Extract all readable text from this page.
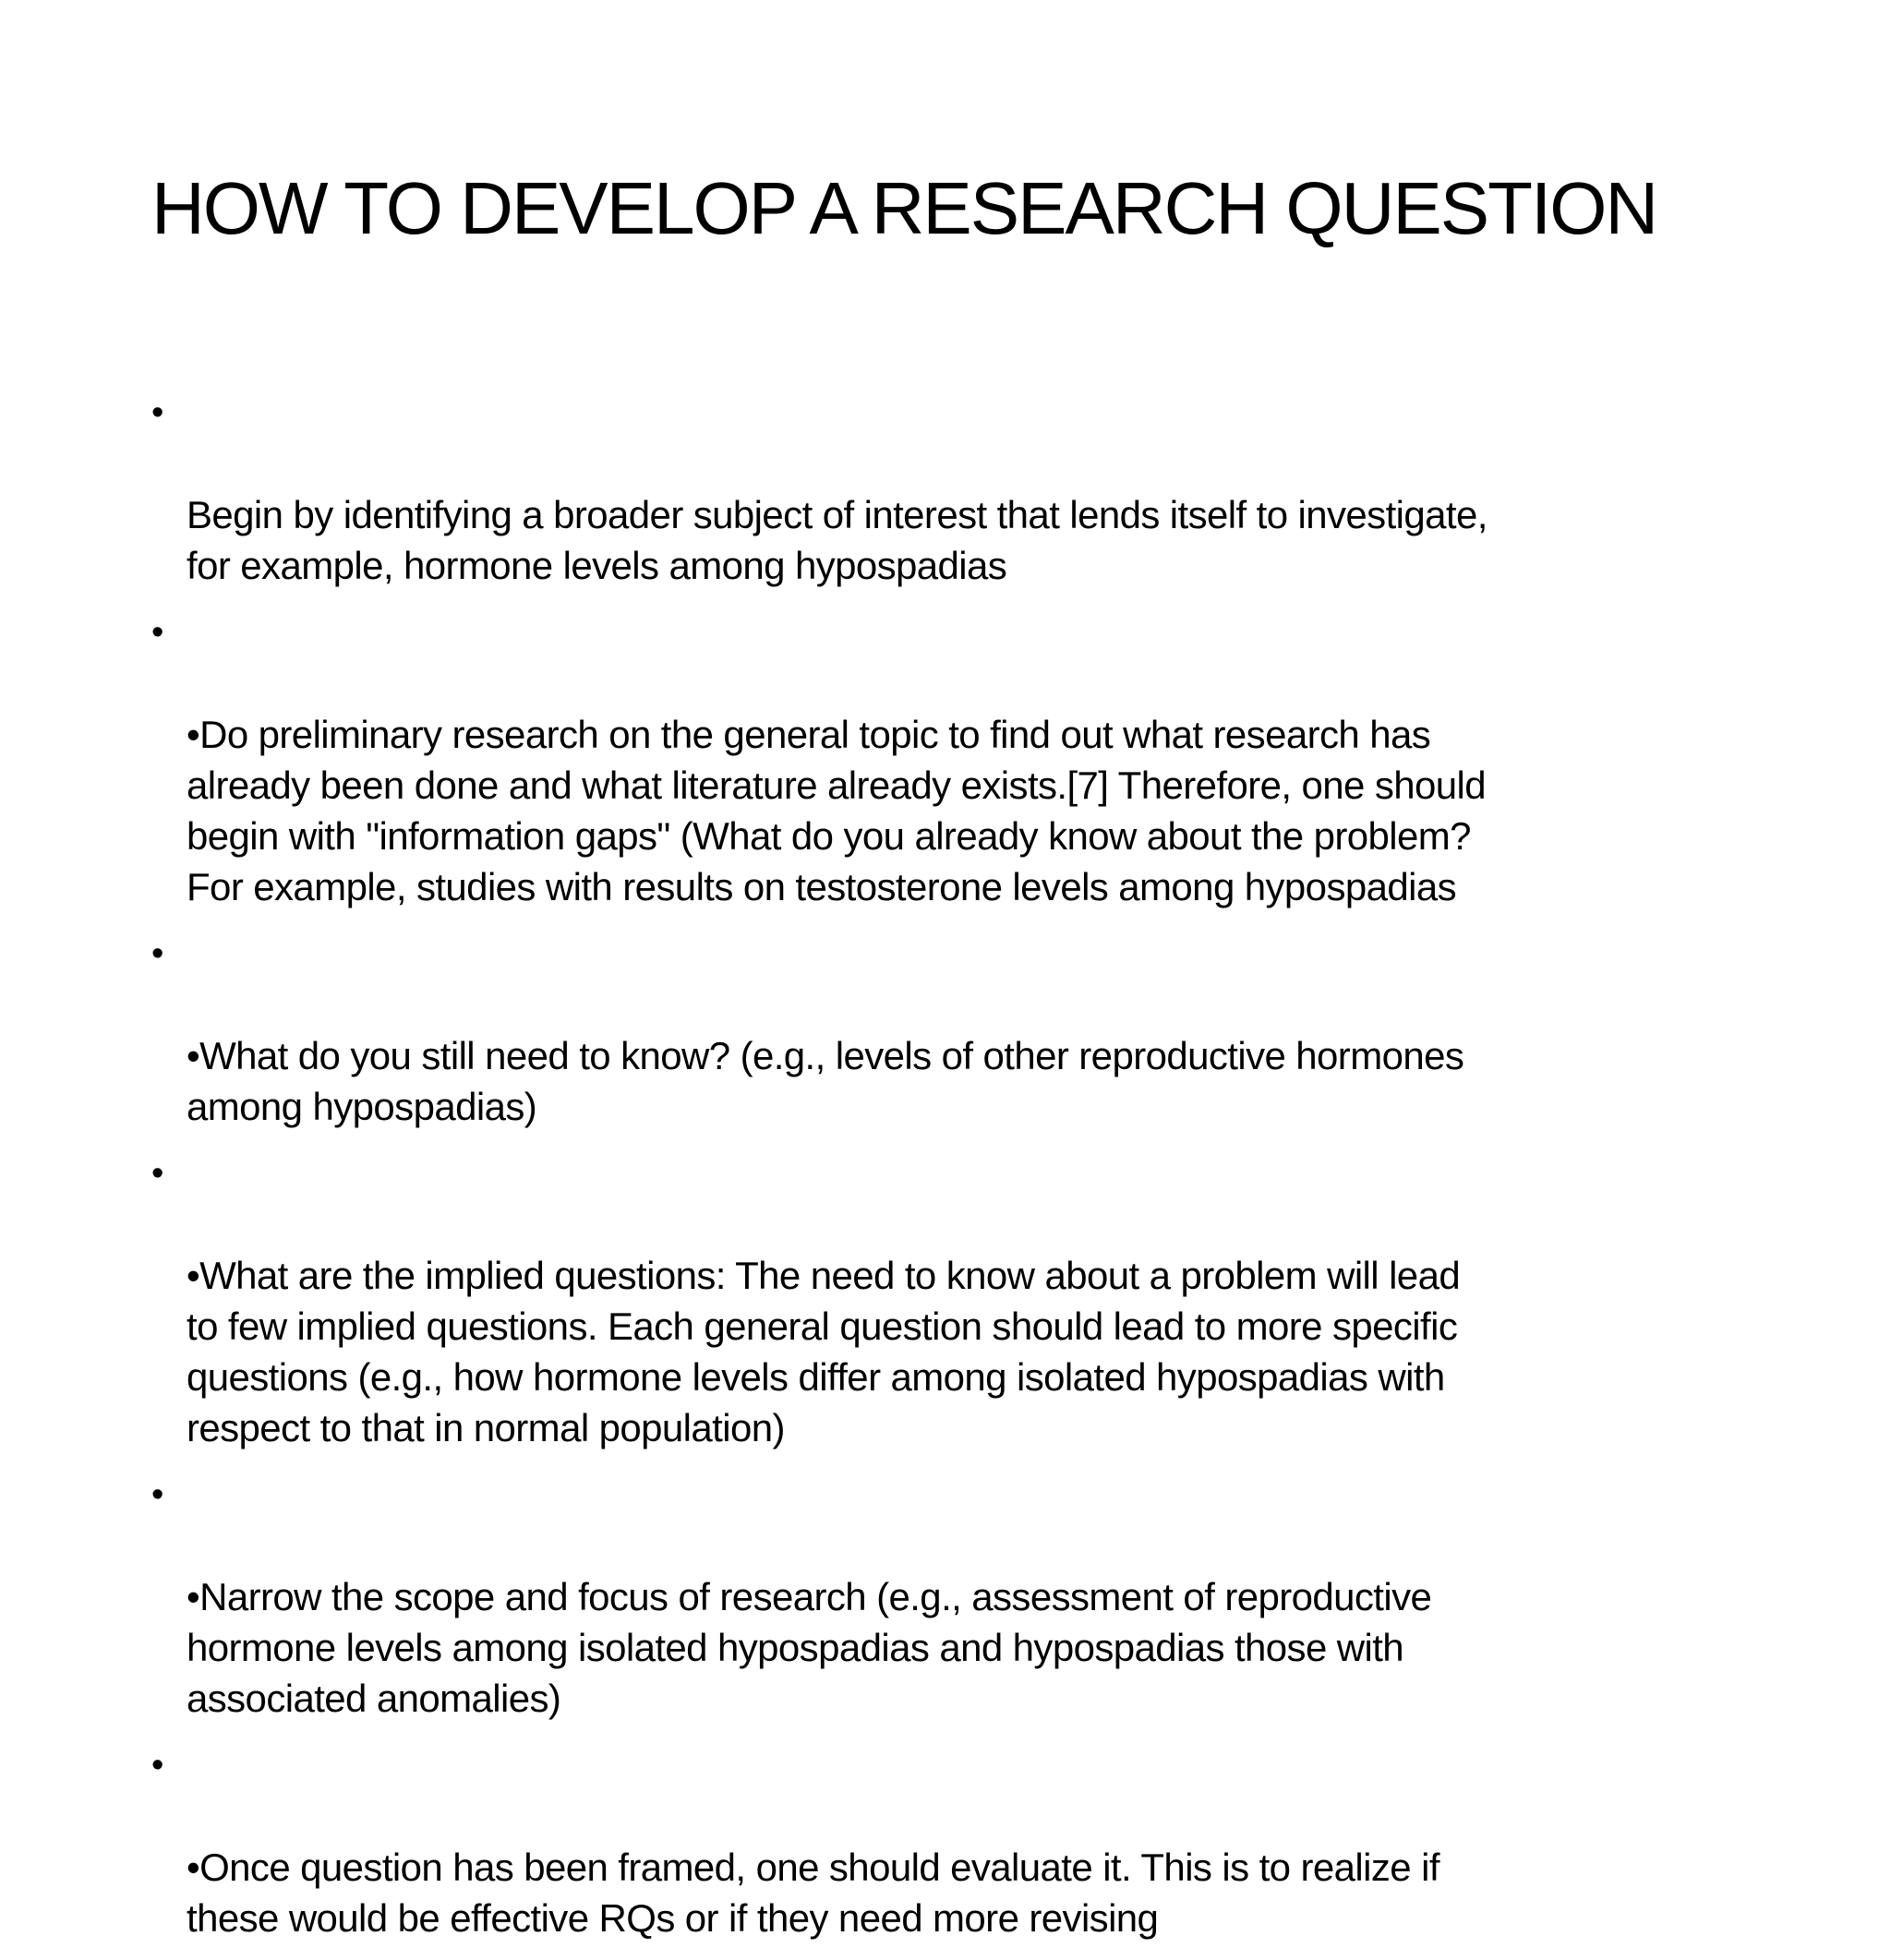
HOW TO DEVELOP A RESEARCH QUESTION

•

Begin by identifying a broader subject of interest that lends itself to investigate,
for example, hormone levels among hypospadias

•

•Do preliminary research on the general topic to find out what research has
already been done and what literature already exists.[7] Therefore, one should
begin with "information gaps" (What do you already know about the problem?
For example, studies with results on testosterone levels among hypospadias

•

•What do you still need to know? (e.g., levels of other reproductive hormones
among hypospadias)

•

•What are the implied questions: The need to know about a problem will lead
to few implied questions. Each general question should lead to more specific
questions (e.g., how hormone levels differ among isolated hypospadias with
respect to that in normal population)

•

•Narrow the scope and focus of research (e.g., assessment of reproductive
hormone levels among isolated hypospadias and hypospadias those with
associated anomalies)

•

•Once question has been framed, one should evaluate it. This is to realize if
these would be effective RQs or if they need more revising
